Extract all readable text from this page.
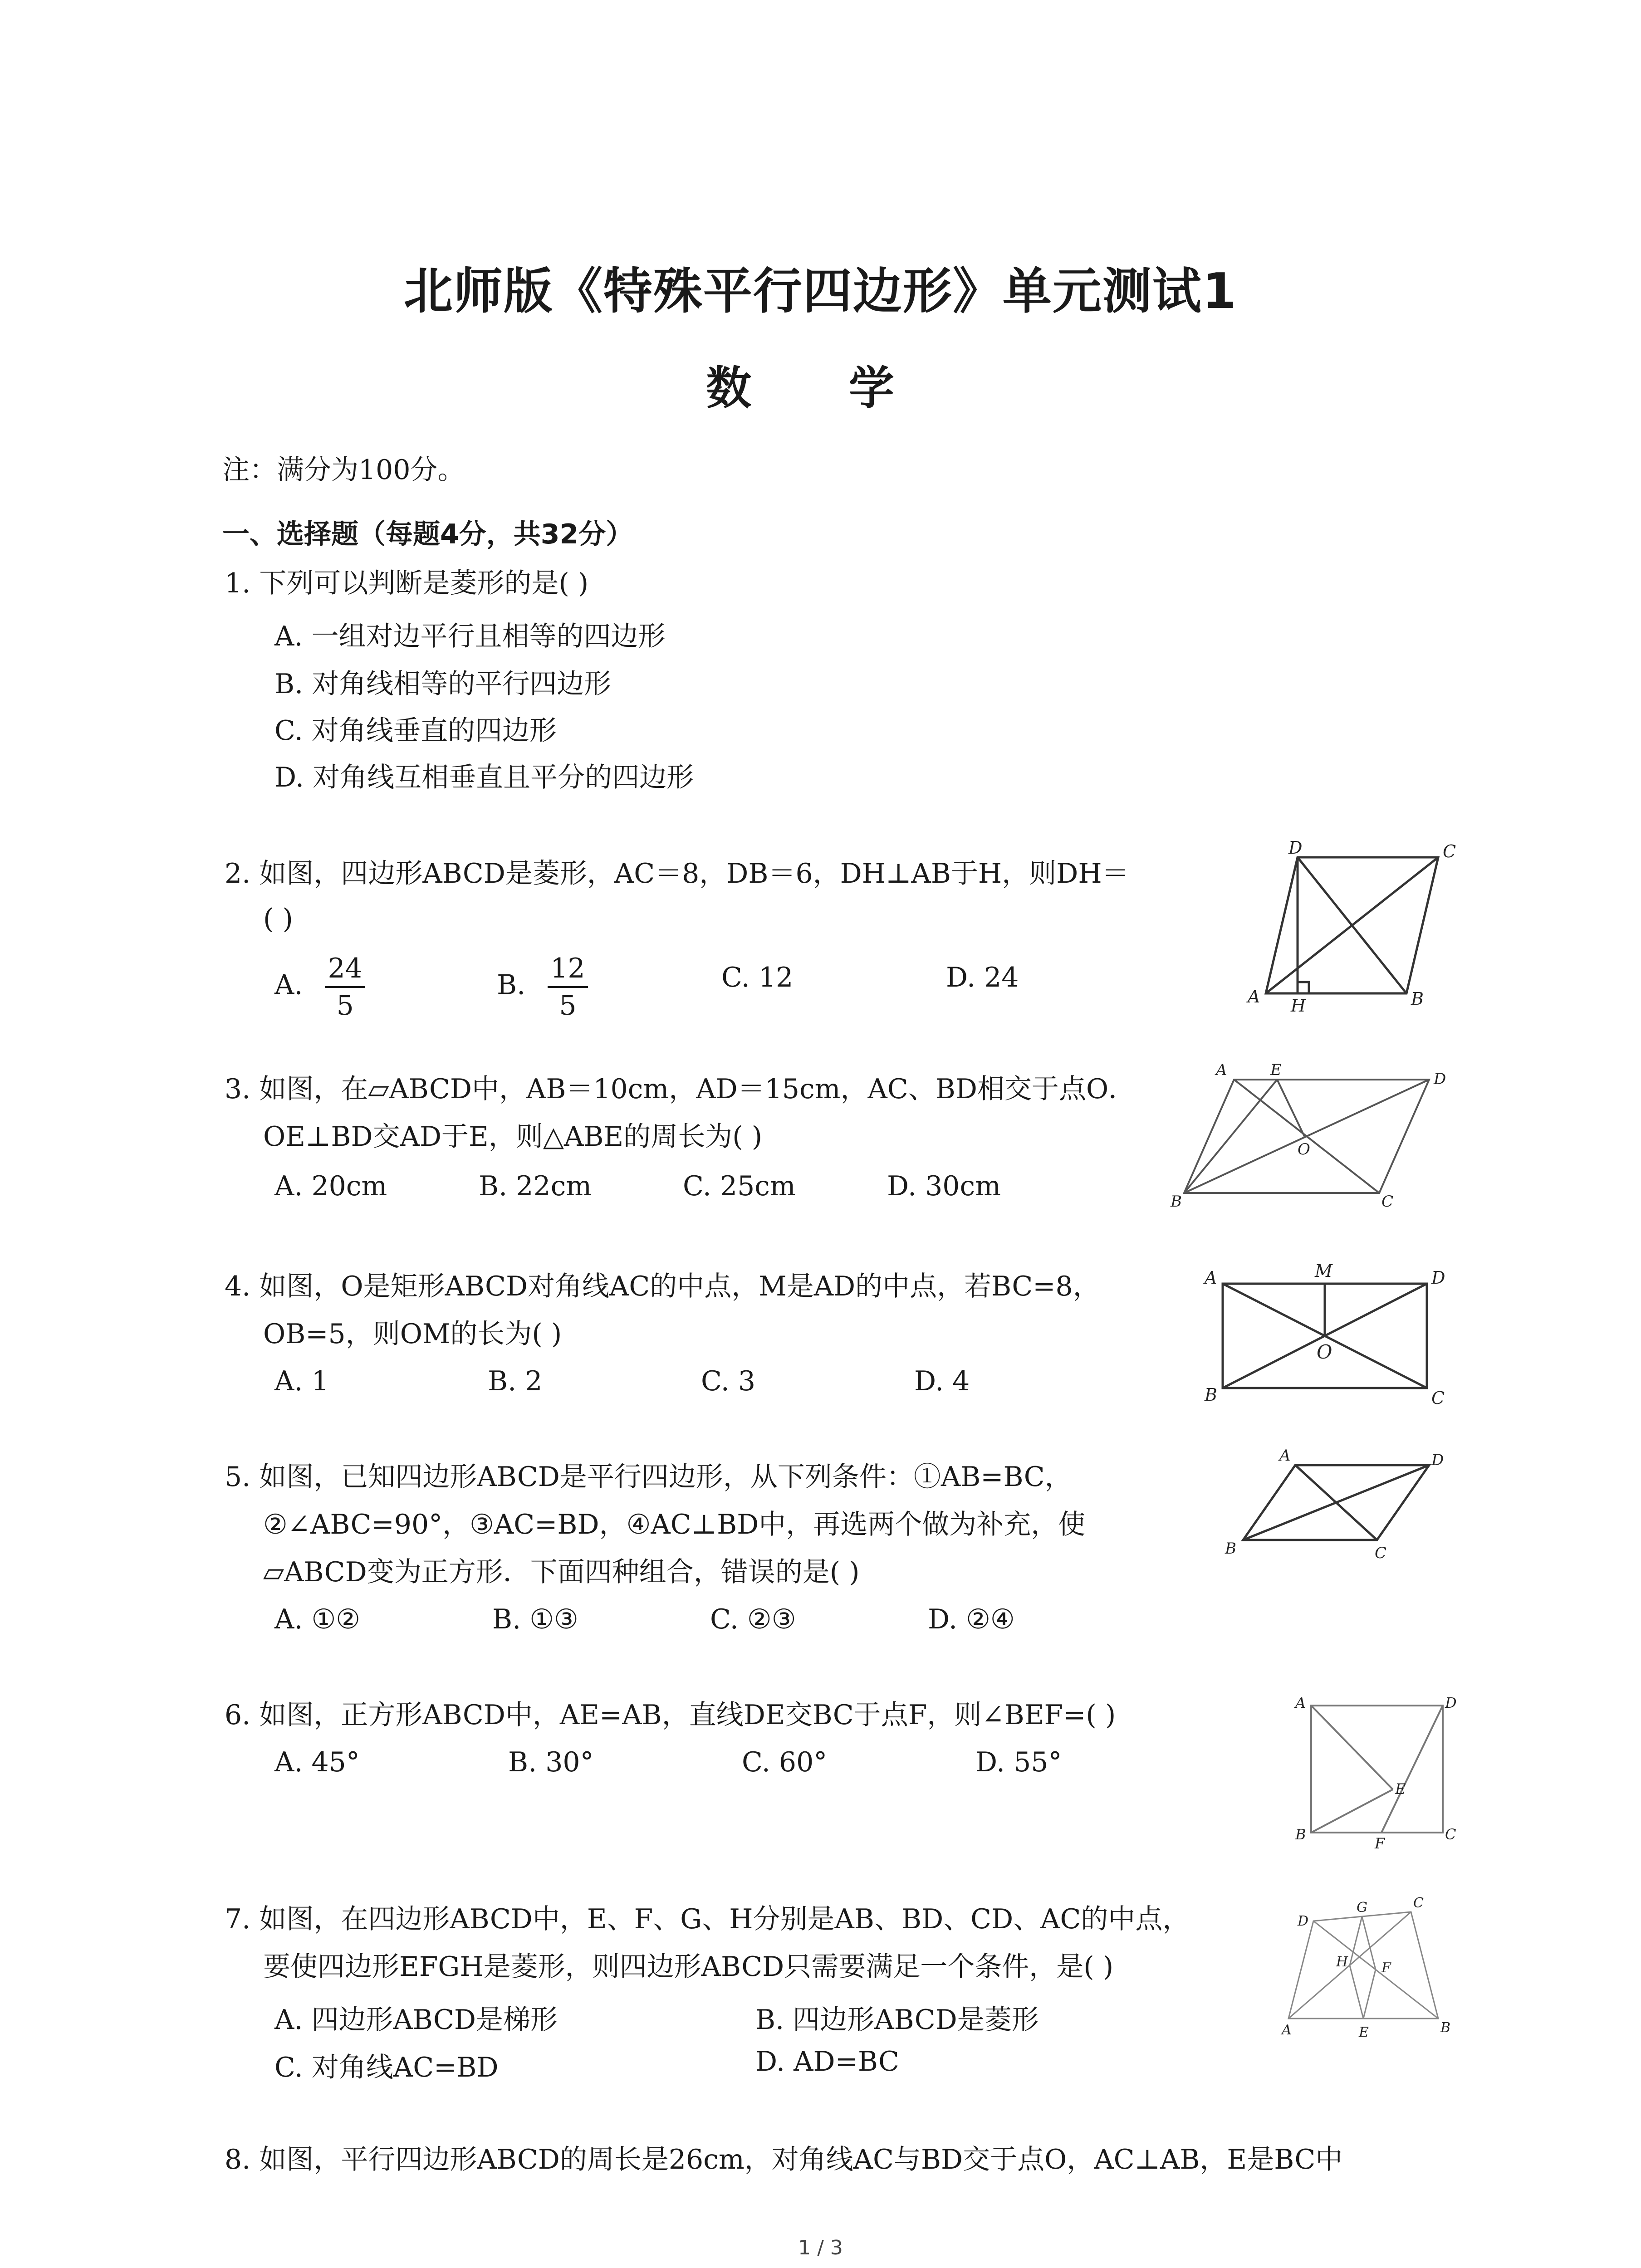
北师版《特殊平行四边形》单元测试1
数 学
注：满分为100分。
一、选择题（每题4分，共32分）
1. 下列可以判断是菱形的是( )
A. 一组对边平行且相等的四边形
B. 对角线相等的平行四边形
C. 对角线垂直的四边形
D. 对角线互相垂直且平分的四边形
2. 如图，四边形ABCD是菱形，AC＝8，DB＝6，DH⊥AB于H，则DH＝
( )
A. $\frac{24}{5}$	B. $\frac{12}{5}$	C. 12	D. 24
D	C
A H	B
3. 如图，在▱ABCD中，AB＝10cm，AD＝15cm，AC、BD相交于点O．
OE⊥BD交AD于E，则△ABE的周长为( )
A. 20cm	B. 22cm	C. 25cm	D. 30cm
A	E	D
O
B	C
4. 如图，O是矩形ABCD对角线AC的中点，M是AD的中点，若BC=8，
OB=5，则OM的长为( )
A. 1	B. 2	C. 3	D. 4
A	M	D
O
B	C
5. 如图，已知四边形ABCD是平行四边形，从下列条件：①AB=BC，
②∠ABC=90°，③AC=BD，④AC⊥BD中，再选两个做为补充，使
▱ABCD变为正方形．下面四种组合，错误的是( )
A. ①②	B. ①③	C. ②③	D. ②④
A	D
B	C
6. 如图，正方形ABCD中，AE=AB，直线DE交BC于点F，则∠BEF=( )
A. 45°	B. 30°	C. 60°	D. 55°
A	D
E
B
F
C
7. 如图，在四边形ABCD中，E、F、G、H分别是AB、BD、CD、AC的中点，
要使四边形EFGH是菱形，则四边形ABCD只需要满足一个条件，是( )
A. 四边形ABCD是梯形	B. 四边形ABCD是菱形
C. 对角线AC=BD	D. AD=BC
G	C
D
H F
A	E	B
8. 如图，平行四边形ABCD的周长是26cm，对角线AC与BD交于点O，AC⊥AB，E是BC中
1 / 3
